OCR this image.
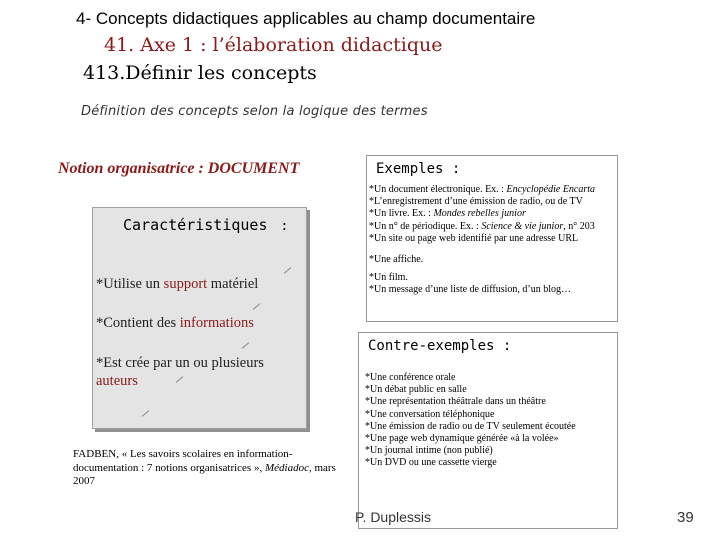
4- Concepts didactiques applicables au champ documentaire
41. Axe 1 : l’élaboration didactique
413.Définir les concepts
Définition des concepts selon la logique des termes
Notion organisatrice : DOCUMENT
Caractéristiques :
*Utilise un support matériel
*Contient des informations
*Est crée par un ou plusieurs auteurs
Exemples :
*Un document électronique. Ex. : Encyclopédie Encarta
*L’enregistrement d’une émission de radio, ou de TV
*Un livre. Ex. : Mondes rebelles junior
*Un n° de périodique. Ex. : Science & vie junior, n° 203
*Un site ou page web identifié par une adresse URL
*Une affiche.
*Un film.
*Un message d’une liste de diffusion, d’un blog…
Contre-exemples :
*Une conférence orale
*Un débat public en salle
*Une représentation théâtrale dans un théâtre
*Une conversation téléphonique
*Une émission de radio ou de TV seulement écoutée
*Une page web dynamique générée «à la volée»
*Un journal intime (non publié)
*Un DVD ou une cassette vierge
FADBEN, « Les savoirs scolaires en information-documentation : 7 notions organisatrices », Médiadoc, mars 2007
P. Duplessis	39
